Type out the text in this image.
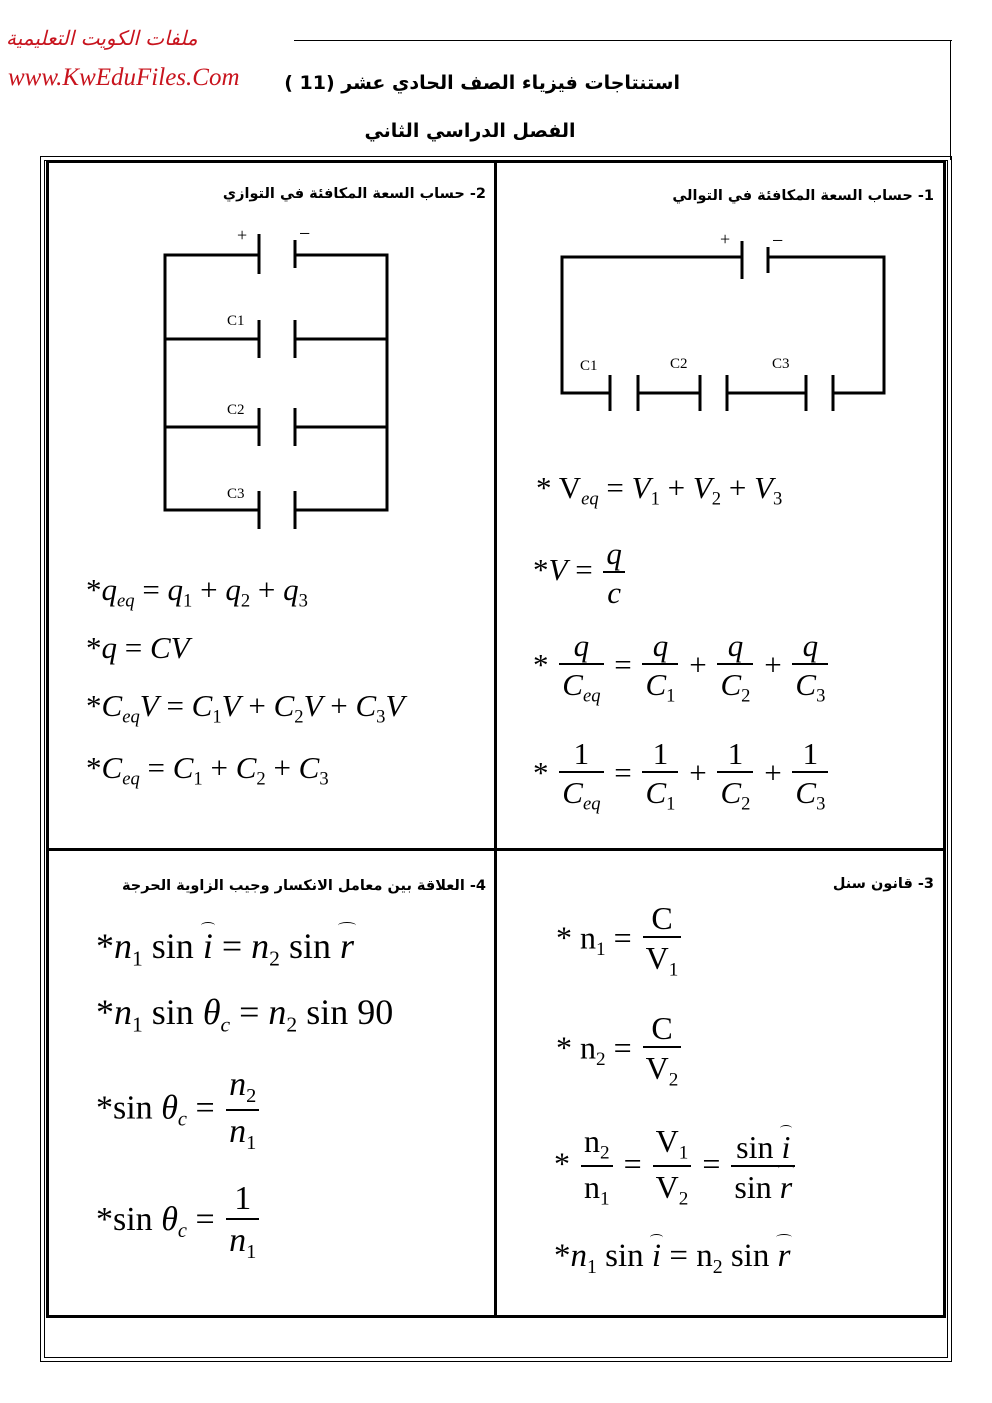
ملفات الكويت التعليمية
www.KwEduFiles.Com استنتاجات فيزياء الصف الحادي عشر (11 )
الفصل الدراسي الثاني
1- حساب السعة المكافئة في التوالي
2- حساب السعة المكافئة في التوازي
3- قانون سنل
4- العلاقة بين معامل الانكسار وجيب الزاوية الحرجة
+ −
C1	C2	C3
+	−
C1
C2
C3	* $V_{eq} = V_1 + V_2 + V_3$
$*V = \frac{q}{c}$
* $\frac{q}{C_{eq}} = \frac{q}{C_1} + \frac{q}{C_2} + \frac{q}{C_3}$
* $\frac{1}{C_{eq}} = \frac{1}{C_1} + \frac{1}{C_2} + \frac{1}{C_3}$
$*q_{eq} = q_1 + q_2 + q_3$
*q = CV
$*C_{eq}V = C_1V + C_2V + C_3V$
$*C_{eq} = C_1 + C_2 + C_3$
* $n_1 = \frac{C}{V_1}$
* $n_2 = \frac{C}{V_2}$
* $\frac{n_2}{n_1} = \frac{V_1}{V_2} = \frac{\text{sin i}}{\text{sin r}}$
$*n_1$ $\sin i = n_2$ sin r
$*n_1$ $\sin i = n_2$ sin r
$*n_1$ $\sin \theta_c = n_2$ sin 90
*sin $\theta_c = \frac{n_2}{n_1}$
*sin $\theta_c = \frac{1}{n_1}$
